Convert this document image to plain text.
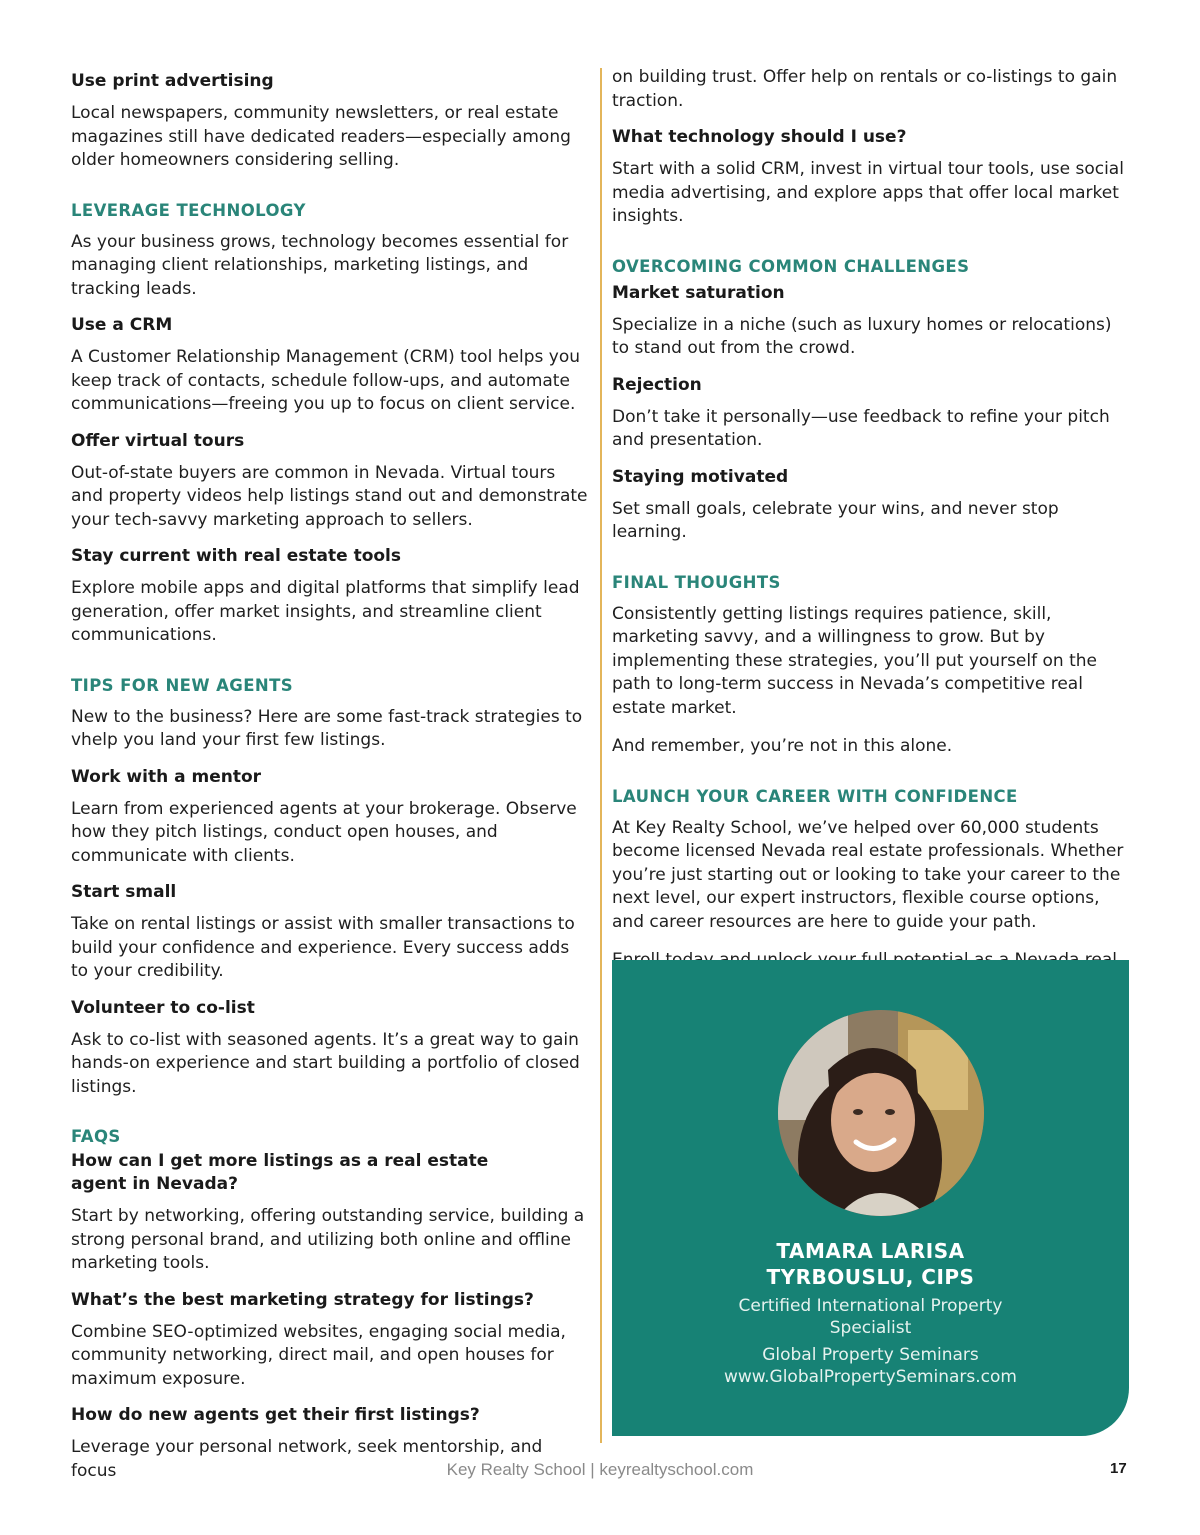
Use print advertising

Local newspapers, community newsletters, or real estate magazines still have dedicated readers—especially among older homeowners considering selling.

LEVERAGE TECHNOLOGY

As your business grows, technology becomes essential for managing client relationships, marketing listings, and tracking leads.

Use a CRM

A Customer Relationship Management (CRM) tool helps you keep track of contacts, schedule follow-ups, and automate communications—freeing you up to focus on client service.

Offer virtual tours

Out-of-state buyers are common in Nevada. Virtual tours and property videos help listings stand out and demonstrate your tech-savvy marketing approach to sellers.

Stay current with real estate tools

Explore mobile apps and digital platforms that simplify lead generation, offer market insights, and streamline client communications.

TIPS FOR NEW AGENTS

New to the business? Here are some fast-track strategies to vhelp you land your first few listings.

Work with a mentor

Learn from experienced agents at your brokerage. Observe how they pitch listings, conduct open houses, and communicate with clients.

Start small

Take on rental listings or assist with smaller transactions to build your confidence and experience. Every success adds to your credibility.

Volunteer to co-list

Ask to co-list with seasoned agents. It’s a great way to gain hands-on experience and start building a portfolio of closed listings.

FAQS
How can I get more listings as a real estate agent in Nevada?

Start by networking, offering outstanding service, building a strong personal brand, and utilizing both online and offline marketing tools.

What’s the best marketing strategy for listings?

Combine SEO-optimized websites, engaging social media, community networking, direct mail, and open houses for maximum exposure.

How do new agents get their first listings?

Leverage your personal network, seek mentorship, and focus

on building trust. Offer help on rentals or co-listings to gain traction.

What technology should I use?

Start with a solid CRM, invest in virtual tour tools, use social media advertising, and explore apps that offer local market insights.

OVERCOMING COMMON CHALLENGES
Market saturation

Specialize in a niche (such as luxury homes or relocations) to stand out from the crowd.

Rejection

Don’t take it personally—use feedback to refine your pitch and presentation.

Staying motivated

Set small goals, celebrate your wins, and never stop learning.

FINAL THOUGHTS

Consistently getting listings requires patience, skill, marketing savvy, and a willingness to grow. But by implementing these strategies, you’ll put yourself on the path to long-term success in Nevada’s competitive real estate market.

And remember, you’re not in this alone.

LAUNCH YOUR CAREER WITH CONFIDENCE

At Key Realty School, we’ve helped over 60,000 students become licensed Nevada real estate professionals. Whether you’re just starting out or looking to take your career to the next level, our expert instructors, flexible course options, and career resources are here to guide your path.

TAMARA LARISA
TYRBOUSLU, CIPS
Certified International Property Specialist
Global Property Seminars
www.GlobalPropertySeminars.com
Key Realty School | keyrealtyschool.com	17
